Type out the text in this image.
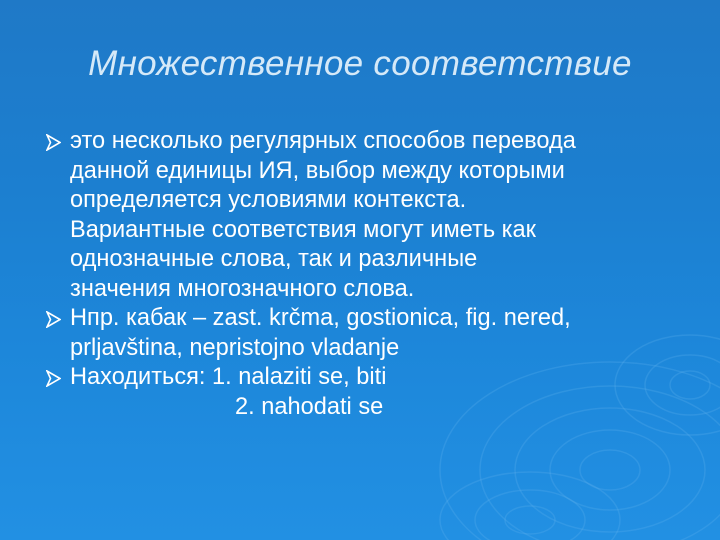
Множественное соответствие
это несколько регулярных способов перевода
данной единицы ИЯ, выбор между которыми
определяется условиями контекста.
Вариантные соответствия могут иметь как
однозначные слова, так и различные
значения многозначного слова.
Нпр. кабак – zast. krčma, gostionica, fig. nered,
prljavština, nepristojno vladanje
Находиться: 1. nalaziti se, biti
2. nahodati se
